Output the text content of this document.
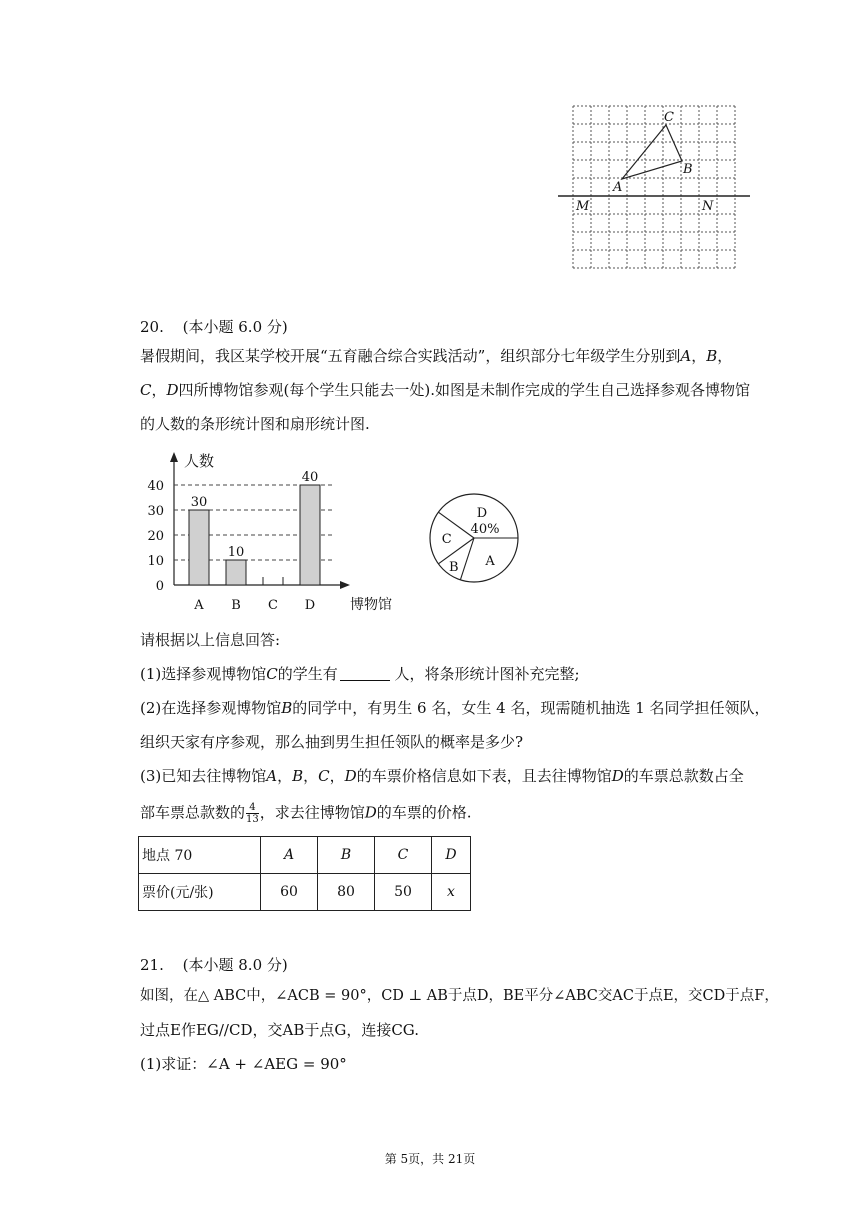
C
B
A
M	N
20. (本小题 6.0 分)
暑假期间，我区某学校开展“五育融合综合实践活动”，组织部分七年级学生分别到A，B，
C，D四所博物馆参观(每个学生只能去一处).如图是未制作完成的学生自己选择参观各博物馆
的人数的条形统计图和扇形统计图.
人数
博物馆
0
10
20
30
40
A
30
B
10
C D
40
D
40%
A
B
C
请根据以上信息回答:
(1)选择参观博物馆C的学生有	人，将条形统计图补充完整;
(2)在选择参观博物馆B的同学中，有男生 6 名，女生 4 名，现需随机抽选 1 名同学担任领队，
组织天家有序参观，那么抽到男生担任领队的概率是多少?
(3)已知去往博物馆A，B，C，D的车票价格信息如下表，且去往博物馆D的车票总款数占全
部车票总款数的 $\frac{4}{13}$ ，求去往博物馆D的车票的价格.
地点 70	A	B	C	D
票价(元/张)	60	80	50	x
21. (本小题 8.0 分)
如图，在△ ABC中，∠ACB = 90°，CD ⊥ AB于点D，BE平分∠ABC交AC于点E，交CD于点F，
过点E作EG//CD，交AB于点G，连接CG.
(1)求证：∠A + ∠AEG = 90°
第 5页，共 21页
